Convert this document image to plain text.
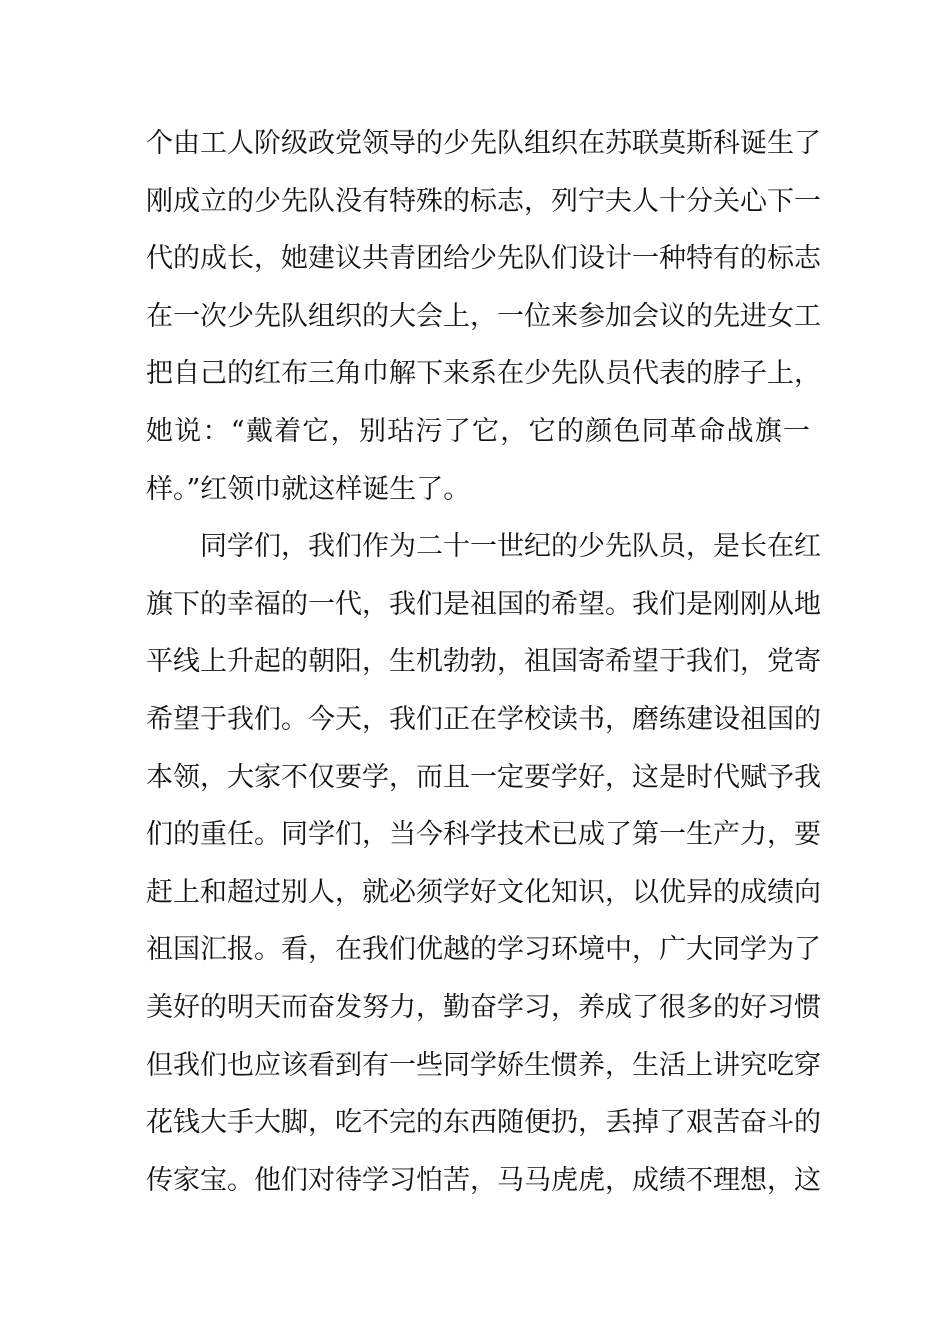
个由工人阶级政党领导的少先队组织在苏联莫斯科诞生了
刚成立的少先队没有特殊的标志，列宁夫人十分关心下一
代的成长，她建议共青团给少先队们设计一种特有的标志
在一次少先队组织的大会上，一位来参加会议的先进女工
把自己的红布三角巾解下来系在少先队员代表的脖子上，
她说：“戴着它，别玷污了它，它的颜色同革命战旗一
样。”红领巾就这样诞生了。
同学们，我们作为二十一世纪的少先队员，是长在红
旗下的幸福的一代，我们是祖国的希望。我们是刚刚从地
平线上升起的朝阳，生机勃勃，祖国寄希望于我们，党寄
希望于我们。今天，我们正在学校读书，磨练建设祖国的
本领，大家不仅要学，而且一定要学好，这是时代赋予我
们的重任。同学们，当今科学技术已成了第一生产力，要
赶上和超过别人，就必须学好文化知识，以优异的成绩向
祖国汇报。看，在我们优越的学习环境中，广大同学为了
美好的明天而奋发努力，勤奋学习，养成了很多的好习惯
但我们也应该看到有一些同学娇生惯养，生活上讲究吃穿
花钱大手大脚，吃不完的东西随便扔，丢掉了艰苦奋斗的
传家宝。他们对待学习怕苦，马马虎虎，成绩不理想，这
